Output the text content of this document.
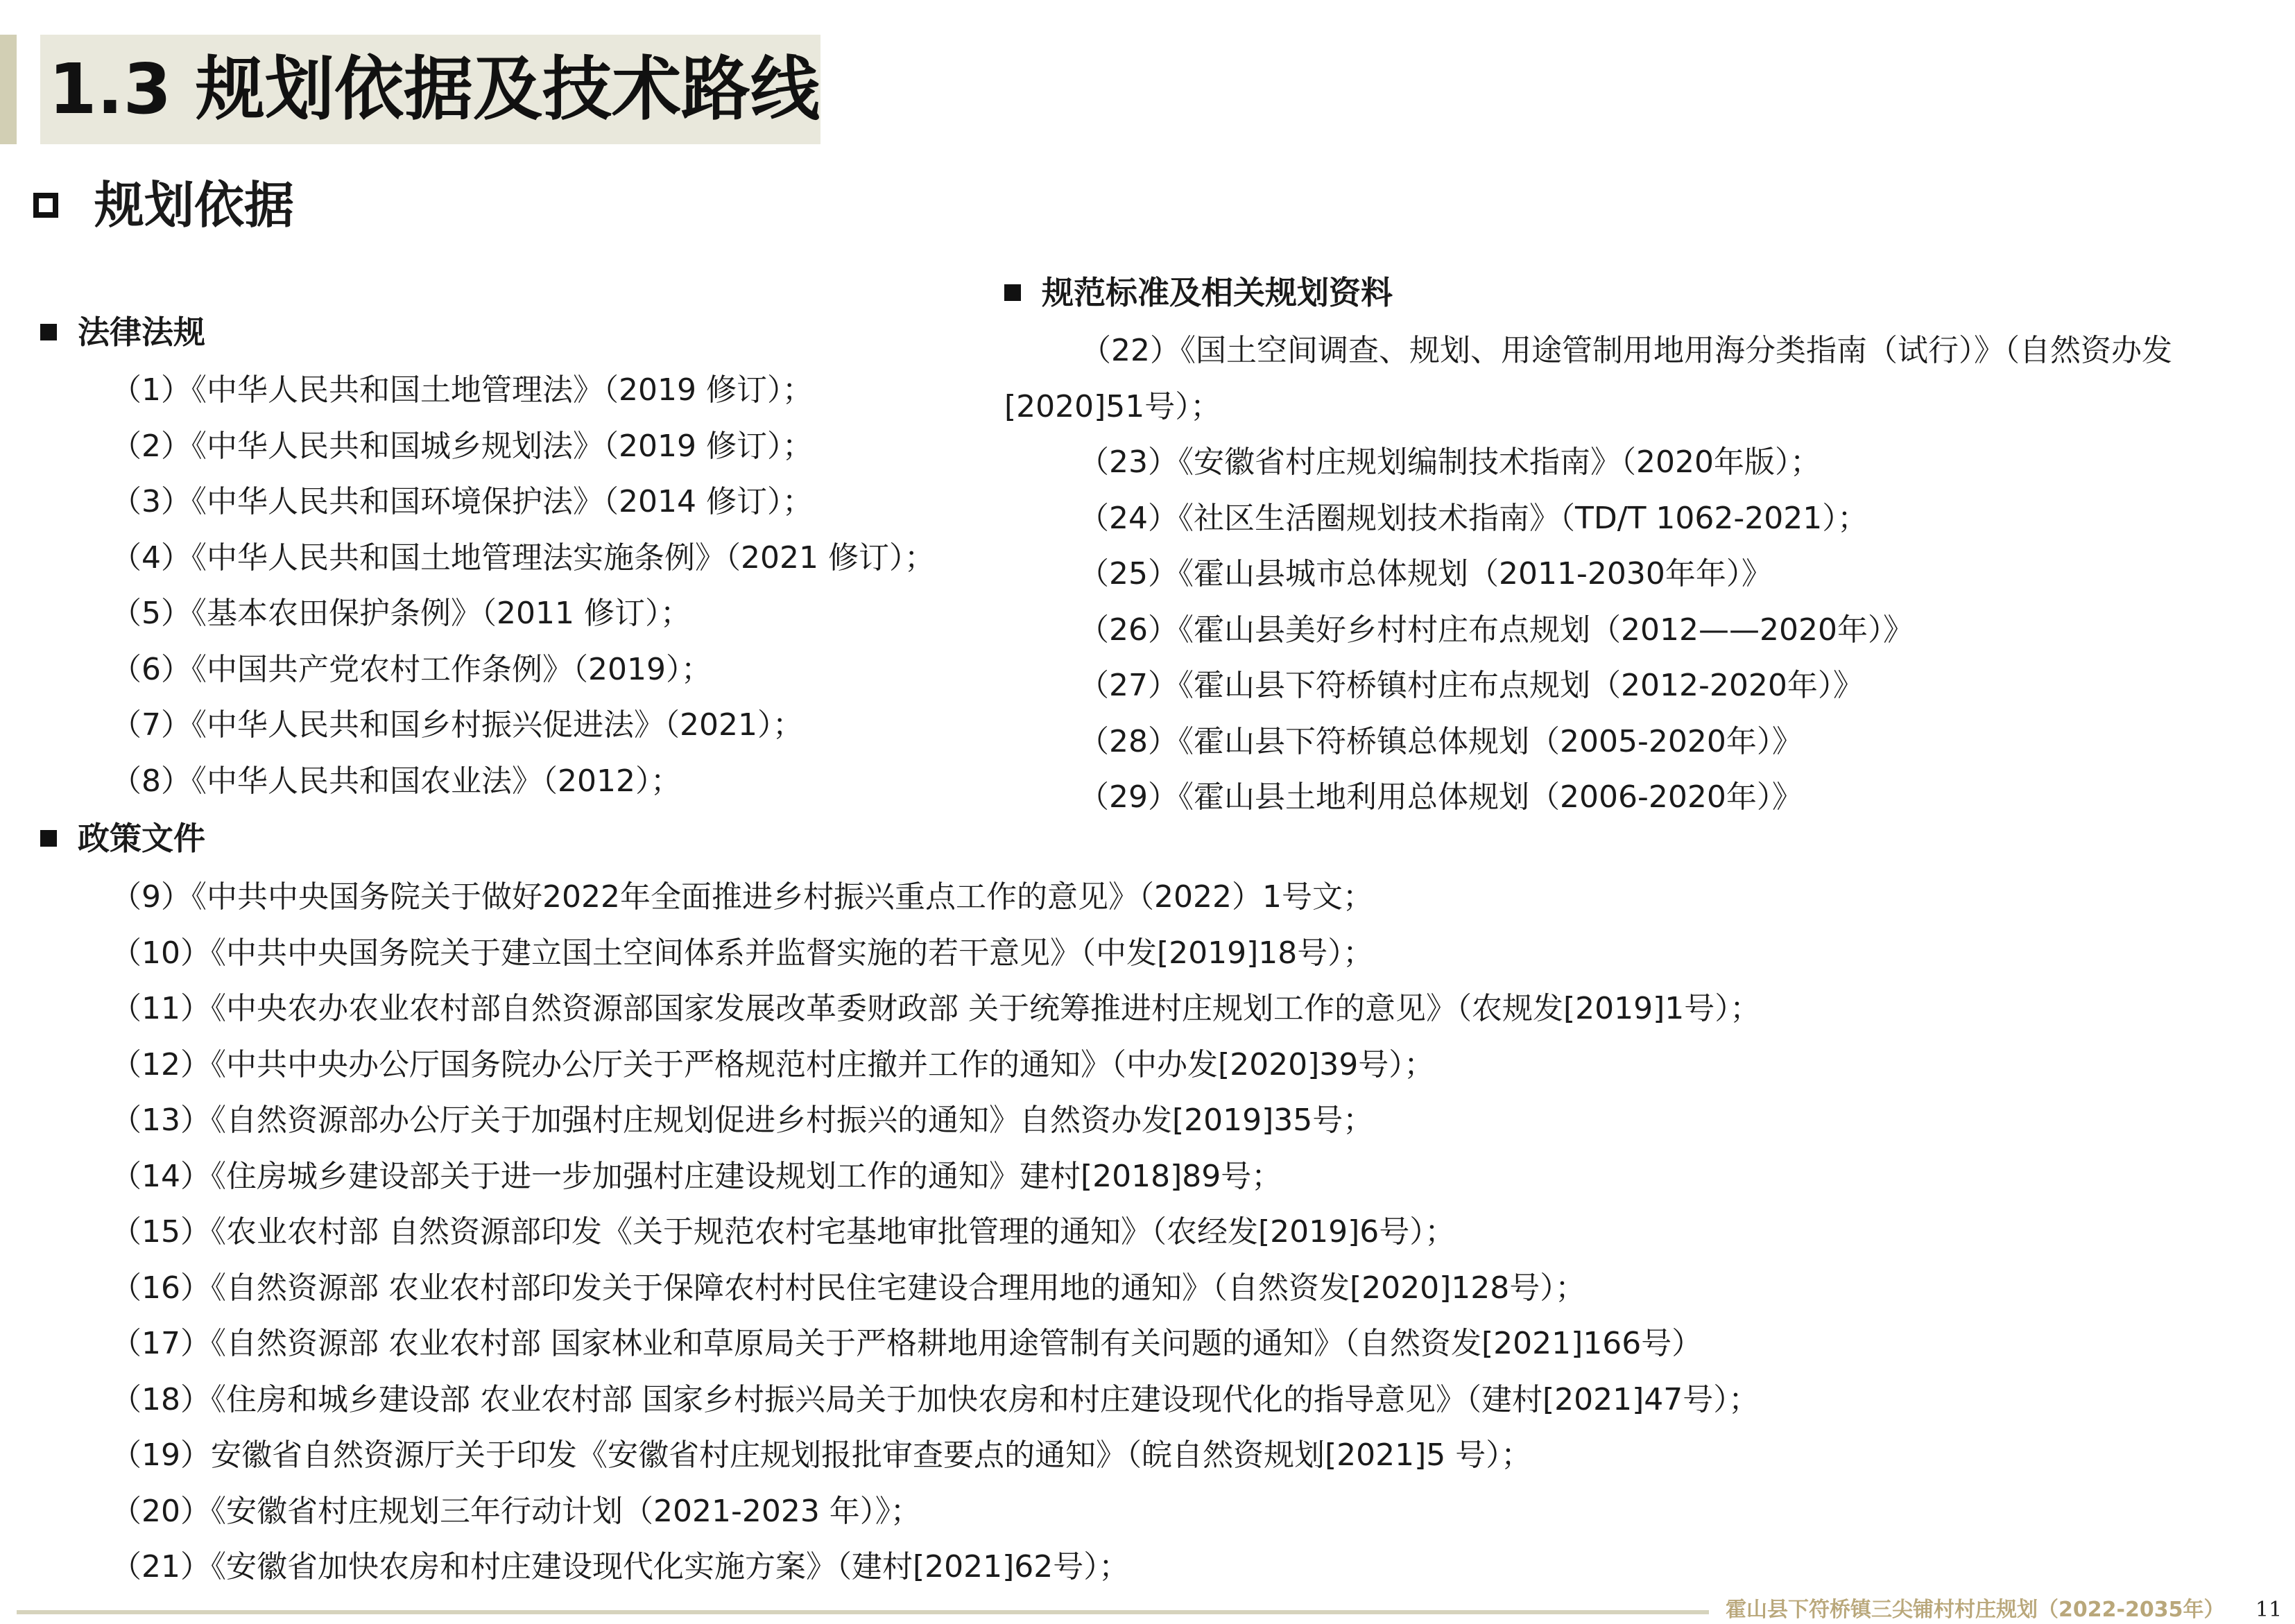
1.3 规划依据及技术路线
规划依据
法律法规
（1）《中华人民共和国土地管理法》（2019 修订）；
（2）《中华人民共和国城乡规划法》（2019 修订）；
（3）《中华人民共和国环境保护法》（2014 修订）；
（4）《中华人民共和国土地管理法实施条例》（2021 修订）；
（5）《基本农田保护条例》（2011 修订）；
（6）《中国共产党农村工作条例》（2019）；
（7）《中华人民共和国乡村振兴促进法》（2021）；
（8）《中华人民共和国农业法》（2012）；
政策文件
（9）《中共中央国务院关于做好2022年全面推进乡村振兴重点工作的意见》（2022）1号文；
（10）《中共中央国务院关于建立国土空间体系并监督实施的若干意见》（中发[2019]18号）；
（11）《中央农办农业农村部自然资源部国家发展改革委财政部 关于统筹推进村庄规划工作的意见》（农规发[2019]1号）；
（12）《中共中央办公厅国务院办公厅关于严格规范村庄撤并工作的通知》（中办发[2020]39号）；
（13）《自然资源部办公厅关于加强村庄规划促进乡村振兴的通知》自然资办发[2019]35号；
（14）《住房城乡建设部关于进一步加强村庄建设规划工作的通知》建村[2018]89号；
（15）《农业农村部 自然资源部印发《关于规范农村宅基地审批管理的通知》（农经发[2019]6号）；
（16）《自然资源部 农业农村部印发关于保障农村村民住宅建设合理用地的通知》（自然资发[2020]128号）；
（17）《自然资源部 农业农村部 国家林业和草原局关于严格耕地用途管制有关问题的通知》（自然资发[2021]166号）
（18）《住房和城乡建设部 农业农村部 国家乡村振兴局关于加快农房和村庄建设现代化的指导意见》（建村[2021]47号）；
（19）安徽省自然资源厅关于印发《安徽省村庄规划报批审查要点的通知》（皖自然资规划[2021]5 号）；
（20）《安徽省村庄规划三年行动计划（2021-2023 年）》；
（21）《安徽省加快农房和村庄建设现代化实施方案》（建村[2021]62号）；
规范标准及相关规划资料
（22）《国土空间调查、规划、用途管制用地用海分类指南（试行）》（自然资办发[2020]51号）；
（23）《安徽省村庄规划编制技术指南》（2020年版）；
（24）《社区生活圈规划技术指南》（TD/T 1062-2021）；
（25）《霍山县城市总体规划（2011-2030年年）》
（26）《霍山县美好乡村村庄布点规划（2012——2020年）》
（27）《霍山县下符桥镇村庄布点规划（2012-2020年）》
（28）《霍山县下符桥镇总体规划（2005-2020年）》
（29）《霍山县土地利用总体规划（2006-2020年）》
霍山县下符桥镇三尖铺村村庄规划（2022-2035年） 11
